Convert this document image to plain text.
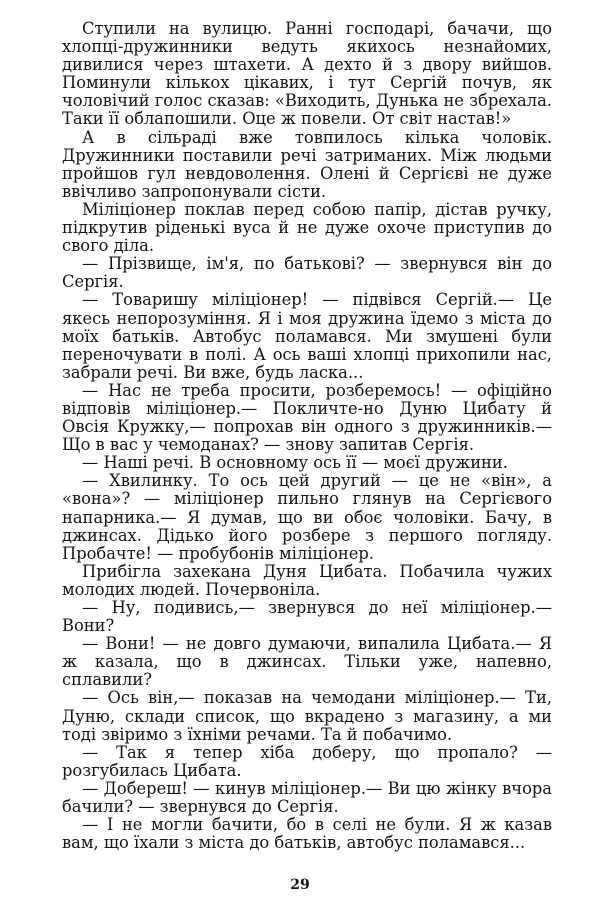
Ступили на вулицю. Ранні господарі, бачачи, що хлопці-дружинники ведуть якихось незнайомих, дивилися через штахети. А дехто й з двору вийшов. Поминули кількох цікавих, і тут Сергій почув, як чоловічий голос сказав: «Виходить, Дунька не збрехала. Таки її облапошили. Оце ж повели. От світ настав!»

А в сільраді вже товпилось кілька чоловік. Дружинники поставили речі затриманих. Між людьми пройшов гул невдоволення. Олені й Сергієві не дуже ввічливо запропонували сісти.

Міліціонер поклав перед собою папір, дістав ручку, підкрутив ріденькі вуса й не дуже охоче приступив до свого діла.

— Прізвище, ім'я, по батькові? — звернувся він до Сергія.

— Товаришу міліціонер! — підвівся Сергій.— Це якесь непорозуміння. Я і моя дружина їдемо з міста до моїх батьків. Автобус поламався. Ми змушені були переночувати в полі. А ось ваші хлопці прихопили нас, забрали речі. Ви вже, будь ласка...

— Нас не треба просити, розберемось! — офіційно відповів міліціонер.— Покличте-но Дуню Цибату й Овсія Кружку,— попрохав він одного з дружинників.— Що в вас у чемоданах? — знову запитав Сергія.

— Наші речі. В основному ось її — моєї дружини.

— Хвилинку. То ось цей другий — це не «він», а «вона»? — міліціонер пильно глянув на Сергієвого напарника.— Я думав, що ви обоє чоловіки. Бачу, в джинсах. Дідько його розбере з першого погляду. Пробачте! — пробубонів міліціонер.

Прибігла захекана Дуня Цибата. Побачила чужих молодих людей. Почервоніла.

— Ну, подивись,— звернувся до неї міліціонер.— Вони?

— Вони! — не довго думаючи, випалила Цибата.— Я ж казала, що в джинсах. Тільки уже, напевно, сплавили?

— Ось він,— показав на чемодани міліціонер.— Ти, Дуню, склади список, що вкрадено з магазину, а ми тоді звіримо з їхніми речами. Та й побачимо.

— Так я тепер хіба доберу, що пропало? — розгубилась Цибата.

— Добереш! — кинув міліціонер.— Ви цю жінку вчора бачили? — звернувся до Сергія.

— І не могли бачити, бо в селі не були. Я ж казав вам, що їхали з міста до батьків, автобус поламався...

29
